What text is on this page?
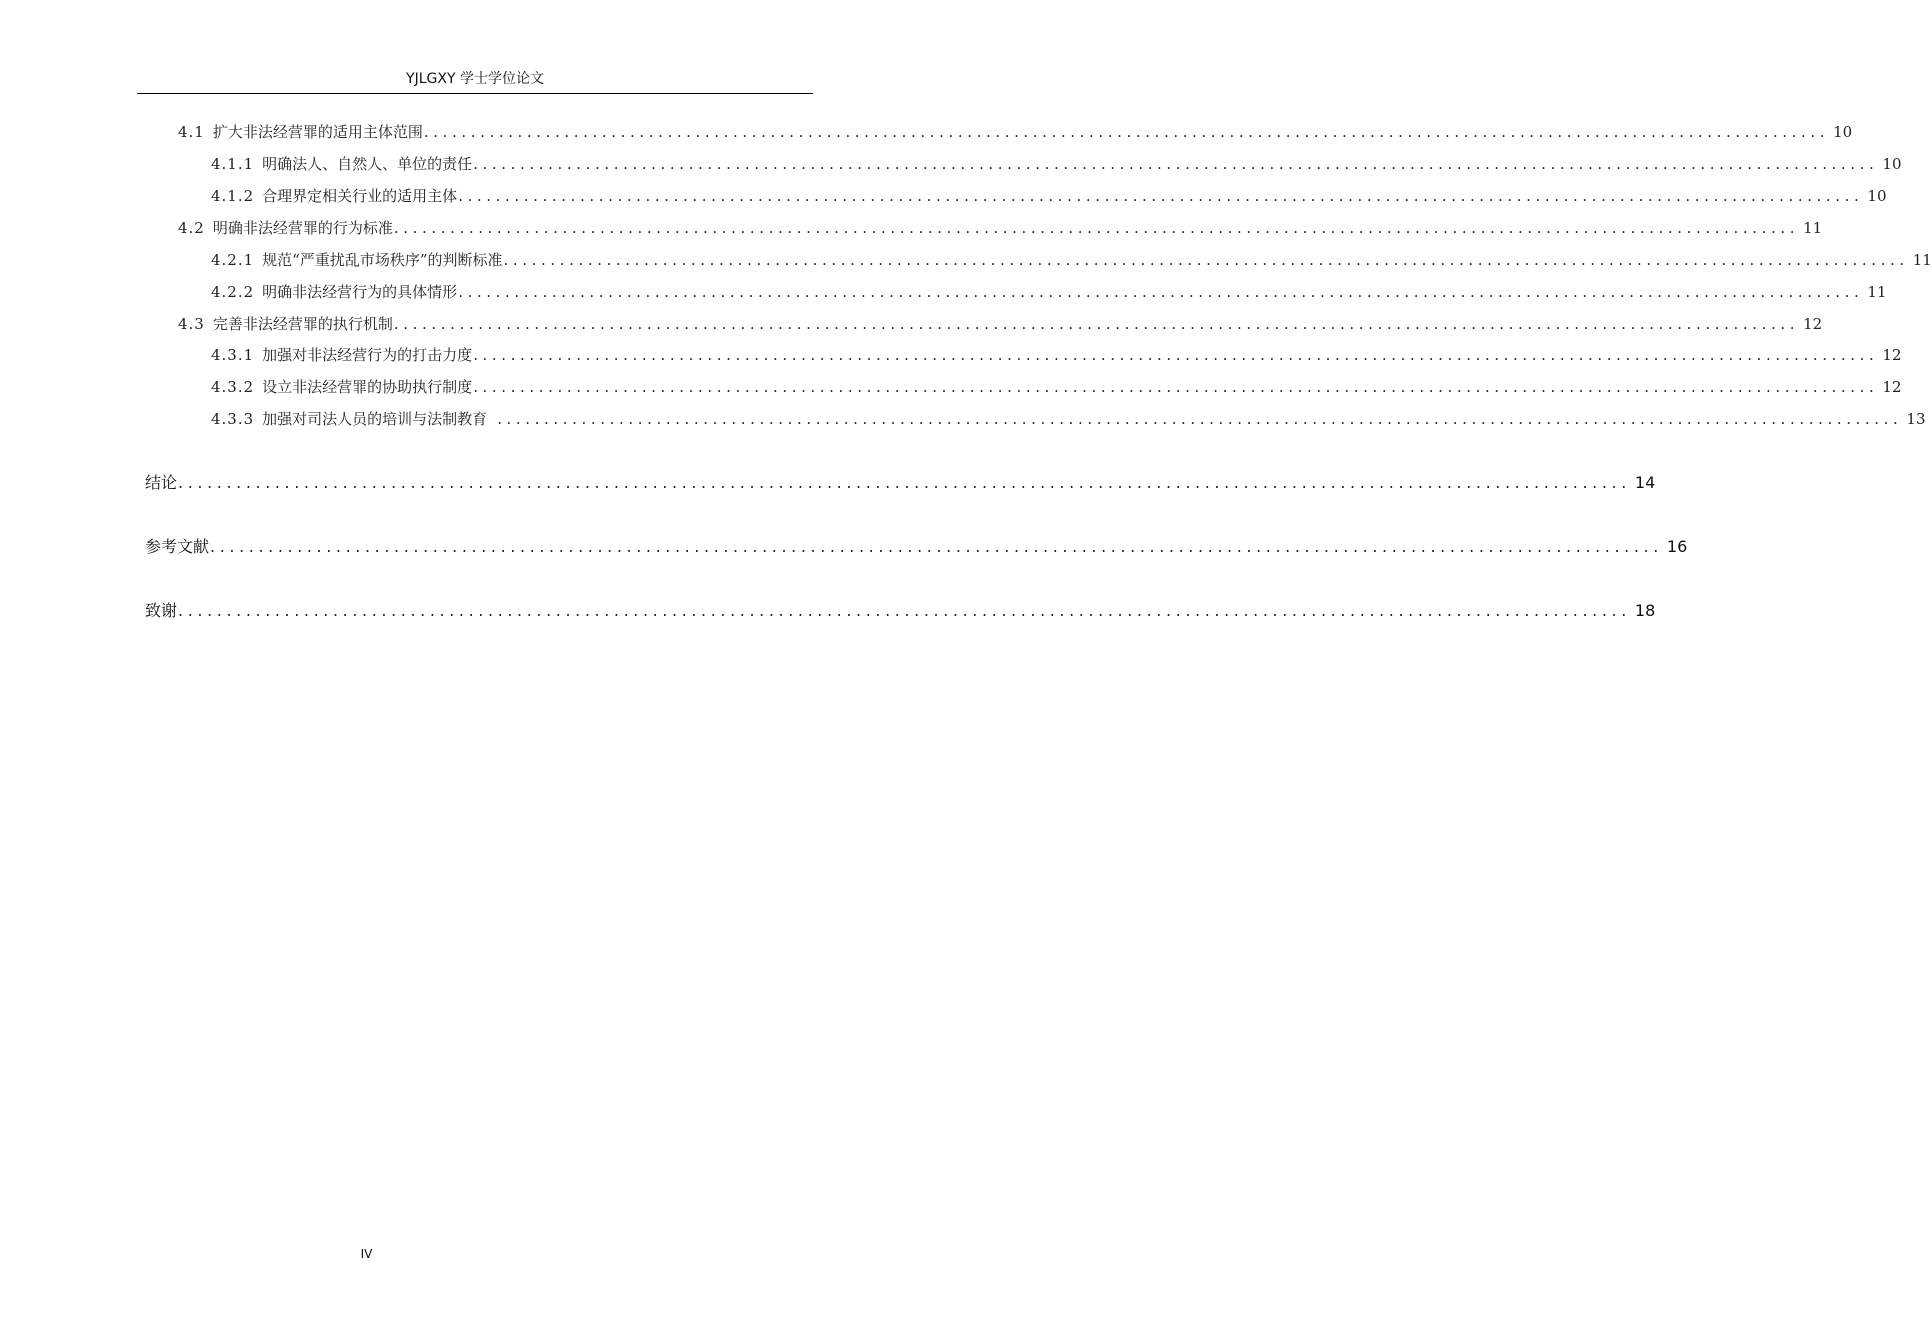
YJLGXY 学士学位论文
4.1 扩大非法经营罪的适用主体范围 ...................................................................................................................................................... 10
4.1.1 明确法人、自然人、单位的责任 ...................................................................................................................................................... 10
4.1.2 合理界定相关行业的适用主体 ...................................................................................................................................................... 10
4.2 明确非法经营罪的行为标准 ...................................................................................................................................................... 11
4.2.1 规范“严重扰乱市场秩序”的判断标准 ...................................................................................................................................................... 11
4.2.2 明确非法经营行为的具体情形 ...................................................................................................................................................... 11
4.3 完善非法经营罪的执行机制 ...................................................................................................................................................... 12
4.3.1 加强对非法经营行为的打击力度 ...................................................................................................................................................... 12
4.3.2 设立非法经营罪的协助执行制度 ...................................................................................................................................................... 12
4.3.3 加强对司法人员的培训与法制教育 ...................................................................................................................................................... 13
结论 ...................................................................................................................................................... 14
参考文献 ...................................................................................................................................................... 16
致谢 ...................................................................................................................................................... 18
IV
